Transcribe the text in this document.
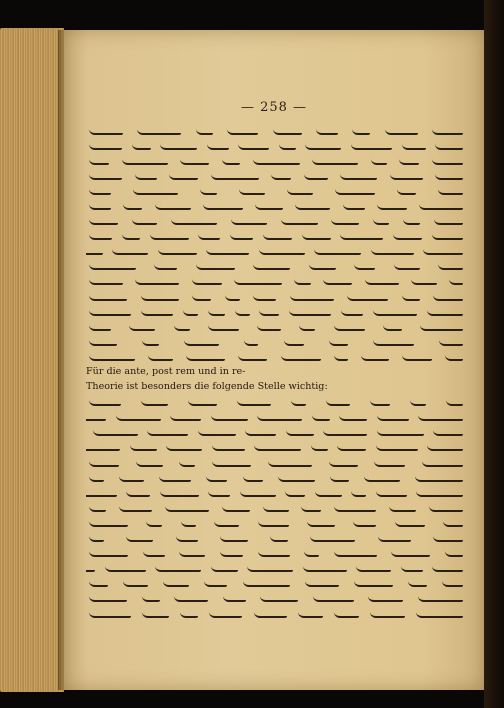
— 258 —

Für die ante, post rem und in re-
Theorie ist besonders die folgende Stelle wichtig:
